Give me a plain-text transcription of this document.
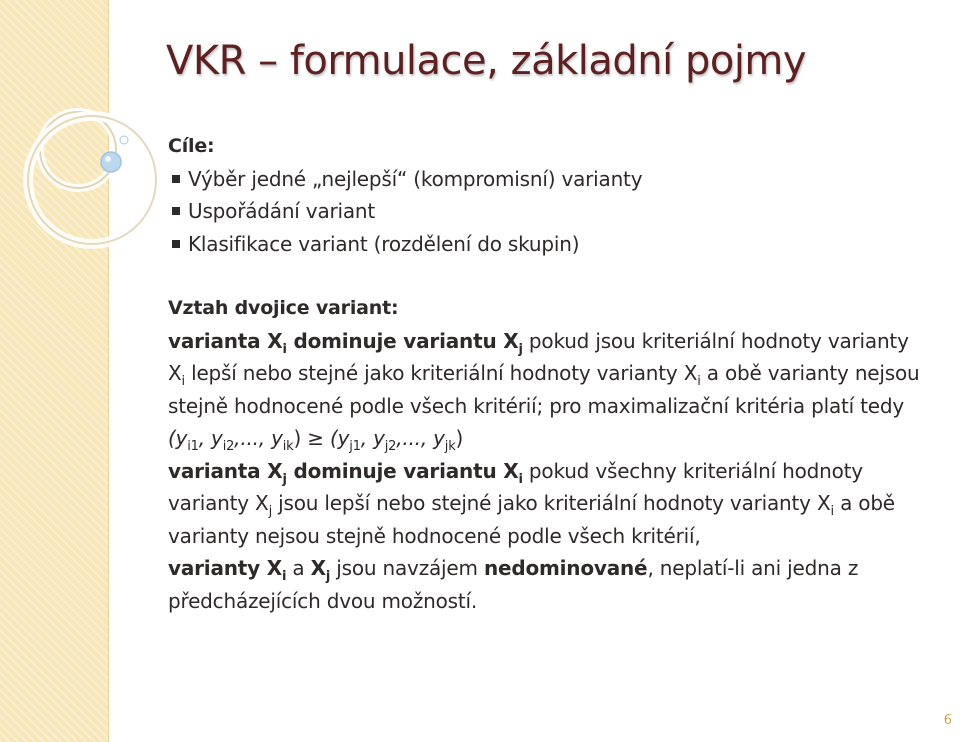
VKR – formulace, základní pojmy
Cíle:
Výběr jedné „nejlepší“ (kompromisní) varianty
Uspořádání variant
Klasifikace variant (rozdělení do skupin)
Vztah dvojice variant:
varianta $X_i$ dominuje variantu $X_j$ pokud jsou kriteriální hodnoty varianty $X_i$ lepší nebo stejné jako kriteriální hodnoty varianty $X_i$ a obě varianty nejsou stejně hodnocené podle všech kritérií; pro maximalizační kritéria platí tedy ($y_{i1}$, $y_{i2}$,..., $y_{ik}) \ge (y_{j1}$, $y_{j2}$,..., $y_{jk}$)
varianta $X_j$ dominuje variantu $X_i$ pokud všechny kriteriální hodnoty varianty $X_j$ jsou lepší nebo stejné jako kriteriální hodnoty varianty $X_i$ a obě varianty nejsou stejně hodnocené podle všech kritérií,
varianty $X_i$ a $X_j$ jsou navzájem nedominované, neplatí-li ani jedna z předcházejících dvou možností.
6
